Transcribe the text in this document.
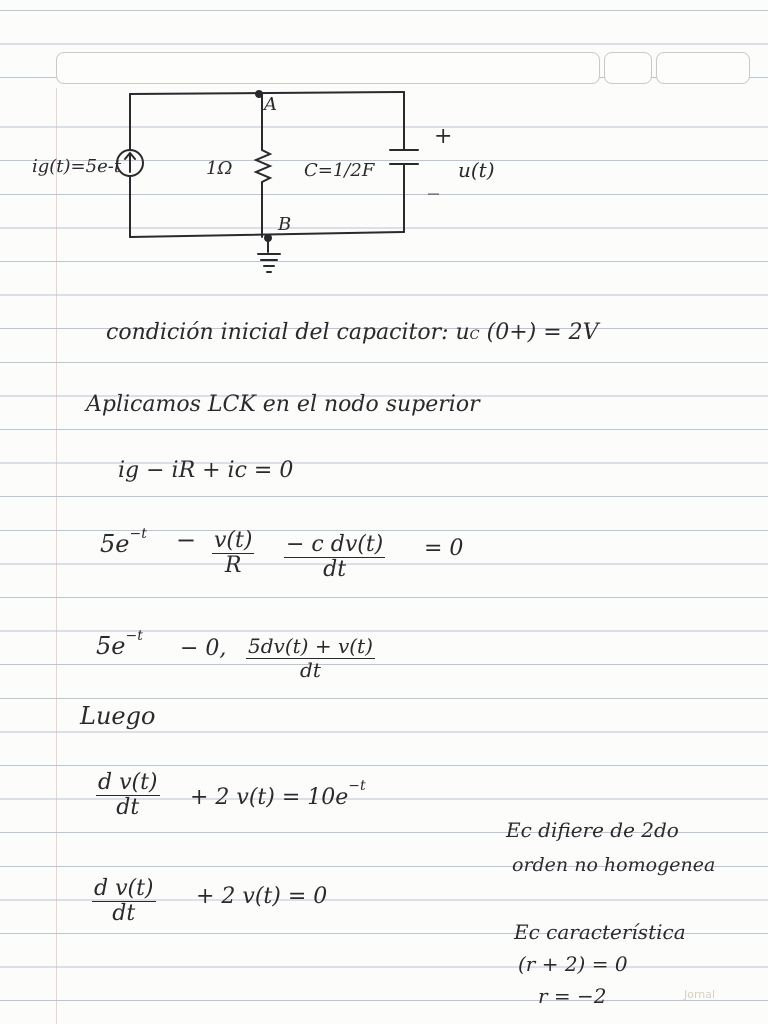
ig(t)=5e-t	1Ω	C=1/2F	u(t)
+
_
A
B
condición inicial del capacitor: uC (0+) = 2V
Aplicamos LCK en el nodo superior
ig − iR + ic = 0
$5e^{-t} - \frac{v(t)}{R} \frac{\text{− c dv(t)}}{dt} = 0$
$5e^{-t} - 0$, $\frac{5dv(t) + v(t)}{dt}$
Luego
$\frac{\text{d v(t)}}{dt} + 2$ $v(t) = 10e^{-t}$
Ec difiere de 2do
orden no homogenea
$\frac{\text{d v(t)}}{dt} + 2$ v(t) = 0
Ec característica
(r + 2) = 0
r = −2	Jornal
